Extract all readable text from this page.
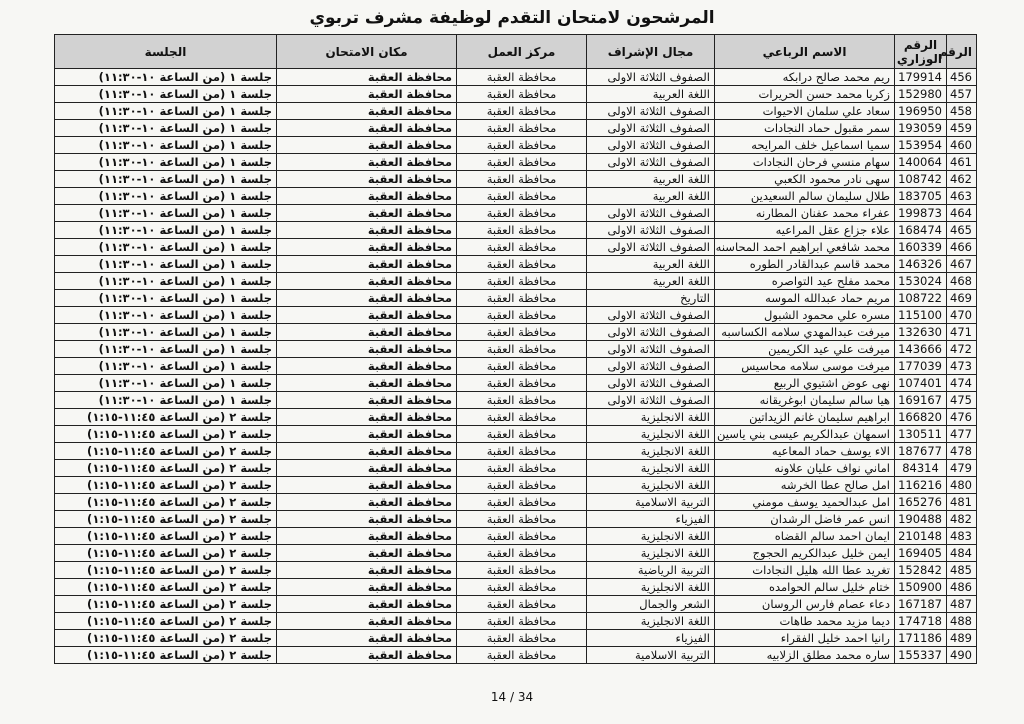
المرشحون لامتحان التقدم لوظيفة مشرف تربوي
الرقم	الرقم الوزاري	الاسم الرباعي	مجال الإشراف	مركز العمل	مكان الامتحان	الجلسة
456	179914	ريم محمد صالح درابكه	الصفوف الثلاثة الاولى	محافظة العقبة	محافظة العقبة	جلسة ١ (من الساعة ١٠-١١:٣٠)
457	152980	زكريا محمد حسن الحريرات	اللغة العربية	محافظة العقبة	محافظة العقبة	جلسة ١ (من الساعة ١٠-١١:٣٠)
458	196950	سعاد علي سلمان الاحيوات	الصفوف الثلاثة الاولى	محافظة العقبة	محافظة العقبة	جلسة ١ (من الساعة ١٠-١١:٣٠)
459	193059	سمر مقبول حماد النجادات	الصفوف الثلاثة الاولى	محافظة العقبة	محافظة العقبة	جلسة ١ (من الساعة ١٠-١١:٣٠)
460	153954	سميا اسماعيل خلف المرايحه	الصفوف الثلاثة الاولى	محافظة العقبة	محافظة العقبة	جلسة ١ (من الساعة ١٠-١١:٣٠)
461	140064	سهام منسي فرحان النجادات	الصفوف الثلاثة الاولى	محافظة العقبة	محافظة العقبة	جلسة ١ (من الساعة ١٠-١١:٣٠)
462	108742	سهى نادر محمود الكعبي	اللغة العربية	محافظة العقبة	محافظة العقبة	جلسة ١ (من الساعة ١٠-١١:٣٠)
463	183705	طلال سليمان سالم السعيدين	اللغة العربية	محافظة العقبة	محافظة العقبة	جلسة ١ (من الساعة ١٠-١١:٣٠)
464	199873	عفراء محمد عفنان المطارنه	الصفوف الثلاثة الاولى	محافظة العقبة	محافظة العقبة	جلسة ١ (من الساعة ١٠-١١:٣٠)
465	168474	علاء جزاع عقل المراعيه	الصفوف الثلاثة الاولى	محافظة العقبة	محافظة العقبة	جلسة ١ (من الساعة ١٠-١١:٣٠)
466	160339	محمد شافعي ابراهيم احمد المحاسنه	الصفوف الثلاثة الاولى	محافظة العقبة	محافظة العقبة	جلسة ١ (من الساعة ١٠-١١:٣٠)
467	146326	محمد قاسم عبدالقادر الطوره	اللغة العربية	محافظة العقبة	محافظة العقبة	جلسة ١ (من الساعة ١٠-١١:٣٠)
468	153024	محمد مفلح عيد التواصره	اللغة العربية	محافظة العقبة	محافظة العقبة	جلسة ١ (من الساعة ١٠-١١:٣٠)
469	108722	مريم حماد عبدالله الموسه	التاريخ	محافظة العقبة	محافظة العقبة	جلسة ١ (من الساعة ١٠-١١:٣٠)
470	115100	مسره علي محمود الشبول	الصفوف الثلاثة الاولى	محافظة العقبة	محافظة العقبة	جلسة ١ (من الساعة ١٠-١١:٣٠)
471	132630	ميرفت عبدالمهدي سلامه الكساسبه	الصفوف الثلاثة الاولى	محافظة العقبة	محافظة العقبة	جلسة ١ (من الساعة ١٠-١١:٣٠)
472	143666	ميرفت علي عيد الكريمين	الصفوف الثلاثة الاولى	محافظة العقبة	محافظة العقبة	جلسة ١ (من الساعة ١٠-١١:٣٠)
473	177039	ميرفت موسى سلامه محاسيس	الصفوف الثلاثة الاولى	محافظة العقبة	محافظة العقبة	جلسة ١ (من الساعة ١٠-١١:٣٠)
474	107401	نهى عوض اشتيوي الربيع	الصفوف الثلاثة الاولى	محافظة العقبة	محافظة العقبة	جلسة ١ (من الساعة ١٠-١١:٣٠)
475	169167	هيا سالم سليمان ابوغريقانه	الصفوف الثلاثة الاولى	محافظة العقبة	محافظة العقبة	جلسة ١ (من الساعة ١٠-١١:٣٠)
476	166820	ابراهيم سليمان غانم الزيداتين	اللغة الانجليزية	محافظة العقبة	محافظة العقبة	جلسة ٢ (من الساعة ١١:٤٥-١:١٥)
477	130511	اسمهان عبدالكريم عيسى بني ياسين	اللغة الانجليزية	محافظة العقبة	محافظة العقبة	جلسة ٢ (من الساعة ١١:٤٥-١:١٥)
478	187677	الاء يوسف حماد المعاعيه	اللغة الانجليزية	محافظة العقبة	محافظة العقبة	جلسة ٢ (من الساعة ١١:٤٥-١:١٥)
479	84314	اماني نواف عليان علاونه	اللغة الانجليزية	محافظة العقبة	محافظة العقبة	جلسة ٢ (من الساعة ١١:٤٥-١:١٥)
480	116216	امل صالح عطا الخرشه	اللغة الانجليزية	محافظة العقبة	محافظة العقبة	جلسة ٢ (من الساعة ١١:٤٥-١:١٥)
481	165276	امل عبدالحميد يوسف مومني	التربية الاسلامية	محافظة العقبة	محافظة العقبة	جلسة ٢ (من الساعة ١١:٤٥-١:١٥)
482	190488	انس عمر فاضل الرشدان	الفيزياء	محافظة العقبة	محافظة العقبة	جلسة ٢ (من الساعة ١١:٤٥-١:١٥)
483	210148	ايمان احمد سالم القضاه	اللغة الانجليزية	محافظة العقبة	محافظة العقبة	جلسة ٢ (من الساعة ١١:٤٥-١:١٥)
484	169405	ايمن خليل عبدالكريم الحجوج	اللغة الانجليزية	محافظة العقبة	محافظة العقبة	جلسة ٢ (من الساعة ١١:٤٥-١:١٥)
485	152842	تغريد عطا الله هليل النجادات	التربية الرياضية	محافظة العقبة	محافظة العقبة	جلسة ٢ (من الساعة ١١:٤٥-١:١٥)
486	150900	ختام خليل سالم الحوامده	اللغة الانجليزية	محافظة العقبة	محافظة العقبة	جلسة ٢ (من الساعة ١١:٤٥-١:١٥)
487	167187	دعاء عصام فارس الروسان	الشعر والجمال	محافظة العقبة	محافظة العقبة	جلسة ٢ (من الساعة ١١:٤٥-١:١٥)
488	174718	ديما مزيد محمد طاهات	اللغة الانجليزية	محافظة العقبة	محافظة العقبة	جلسة ٢ (من الساعة ١١:٤٥-١:١٥)
489	171186	رانيا احمد خليل الفقراء	الفيزياء	محافظة العقبة	محافظة العقبة	جلسة ٢ (من الساعة ١١:٤٥-١:١٥)
490	155337	ساره محمد مطلق الزلابيه	التربية الاسلامية	محافظة العقبة	محافظة العقبة	جلسة ٢ (من الساعة ١١:٤٥-١:١٥)
14 / 34
